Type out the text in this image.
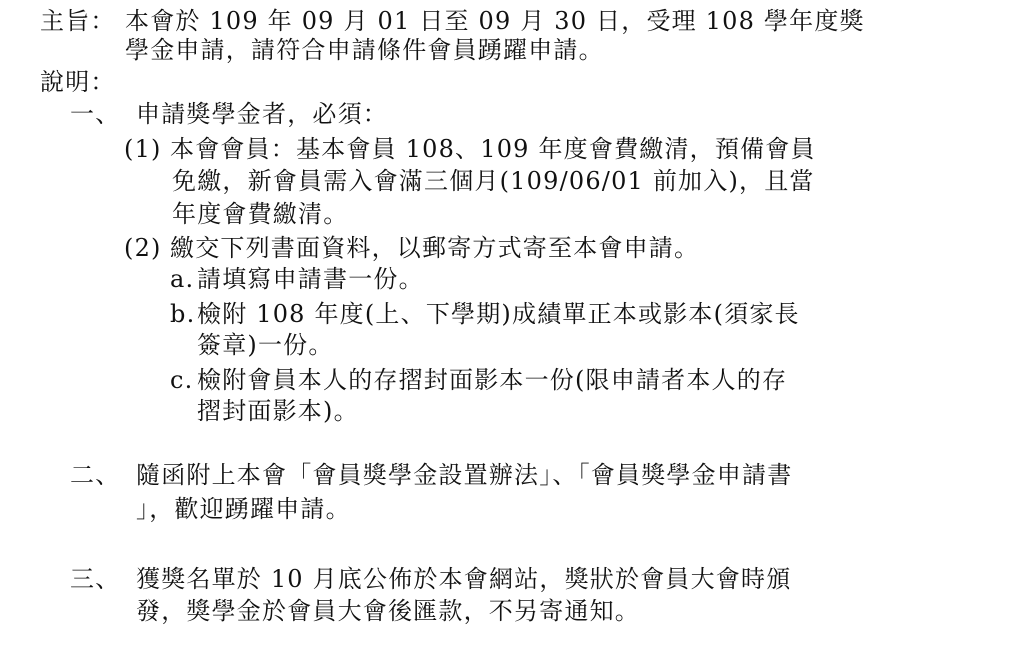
主旨： 本會於 109 年 09 月 01 日至 09 月 30 日，受理 108 學年度獎
學金申請，請符合申請條件會員踴躍申請。
說明：
一、 申請獎學金者，必須：
(1) 本會會員：基本會員 108、109 年度會費繳清，預備會員
免繳，新會員需入會滿三個月(109/06/01 前加入)，且當
年度會費繳清。
(2) 繳交下列書面資料，以郵寄方式寄至本會申請。
a. 請填寫申請書一份。
b. 檢附 108 年度(上、下學期)成績單正本或影本(須家長
簽章)一份。
c. 檢附會員本人的存摺封面影本一份(限申請者本人的存
摺封面影本)。
二、 隨函附上本會「會員獎學金設置辦法」、「會員獎學金申請書
」，歡迎踴躍申請。
三、 獲獎名單於 10 月底公佈於本會網站，獎狀於會員大會時頒
發，獎學金於會員大會後匯款，不另寄通知。
